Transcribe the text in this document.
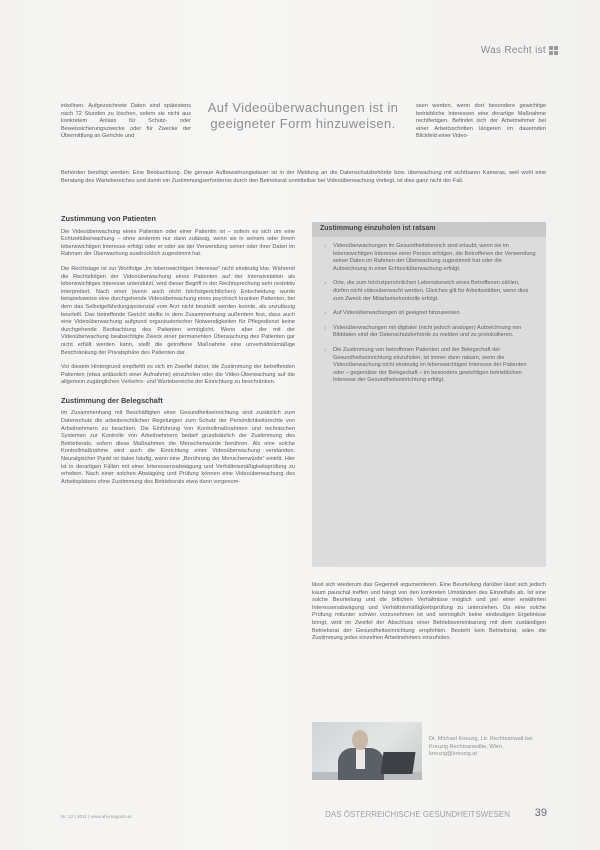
Was Recht ist
inkollnen. Aufgezeichnete Daten sind spätestens nach 72 Stunden zu löschen, sofern sie nicht aus konkretem Anlass für Schutz- oder Beweissicherungszwecke oder für Zwecke der Übermittlung an Gerichte und
Auf Videoüberwachungen ist in geeigneter Form hinzuweisen.
ssen werden, wenn dort besondere gewichtige betriebliche Interessen eine derartige Maßnahme rechtfertigen. Befindet sich der Arbeitnehmer bei einer Arbeitsschritten längeren im dauernden Blickfeld einer Video-
Behörden benötigt werden. Eine Beobachtung. Die genaue Aufbewahrungsdauer ist in der Meldung an die Datenschutzbehörde bzw. überwachung mit sichtbaren Kameras, weil wohl eine Beratung des Wartebereiches und damit ein Zustimmungserfordernis durch den Betriebsrat unmittelbar bei Videoüberwachung vorliegt, ist dies ganz nicht der Fall.
Zustimmung von Patienten

Die Videoüberwachung eines Patienten oder einer Patientin ist – sofern es sich um eine Echtzeitüberwachung – ohne anderem nur dann zulässig, wenn sie in seinem oder ihrem lebenswichtigen Interesse erfolgt oder er oder sie der Verwendung seiner oder ihrer Daten im Rahmen der Überwachung ausdrücklich zugestimmt hat.

Die Rechtslage ist zur Wortfolge „im lebenswichtigen Interesse“ nicht eindeutig klar. Während die Rechtsfolgen der Videoüberwachung eines Patienten auf der Intensivstation als lebenswichtiges Interesse unterstützt, wird dieser Begriff in der Rechtsprechung sehr restriktiv interpretiert. Nach einer (wenn auch nicht höchstgerichtlichen) Entscheidung wurde beispielsweise eine durchgehende Videoüberwachung eines psychisch kranken Patienten, bei dem das Selbstgefährdungspotenzial vom Arzt nicht beurteilt werden konnte, als unzulässig beurteilt. Das betreffende Gericht stellte in dem Zusammenhang außerdem fest, dass auch eine Videoüberwachung aufgrund organisatorischer Notwendigkeiten für Pflegedienst keine durchgehende Beobachtung des Patienten ermöglicht. Wenn aber der mit der Videoüberwachung beabsichtigte Zweck einer permanenten Überwachung des Patienten gar nicht erfüllt werden kann, stellt die getroffene Maßnahme eine unverhältnismäßige Beschränkung der Privatsphäre des Patienten dar.

Vor diesem Hintergrund empfiehlt es sich im Zweifel daher, die Zustimmung der betreffenden Patienten (etwa anlässlich einer Aufnahme) einzuholen oder die Video-Überwachung auf die allgemein zugänglichen Verkehrs- und Wartebereiche der Einrichtung zu beschränken.

Zustimmung der Belegschaft

Im Zusammenhang mit Beschäftigten einer Gesundheitseinrichtung sind zusätzlich zum Datenschutz die arbeitsrechtlichen Regelungen zum Schutz der Persönlichkeitsrechte von Arbeitnehmern zu beachten. Die Einführung von Kontrollmaßnahmen und technischen Systemen zur Kontrolle von Arbeitnehmern bedarf grundsätzlich der Zustimmung des Betriebsrats, sofern diese Maßnahmen die Menschenwürde berühren. Als eine solche Kontrollmaßnahme wird auch die Einrichtung einer Videoüberwachung verstanden. Neuralgischer Punkt ist dabei häufig, wann eine „Berührung der Menschenwürde“ eintritt. Hier ist in derartigen Fällen mit einer Interessensabwägung und Verhältnismäßigkeitsprüfung zu erheben. Nach einer solchen Abwägung und Prüfung können eine Videoüberwachung des Arbeitsplatzes ohne Zustimmung des Betriebsrats etwa dann vorgenom-

Zustimmung einzuholen ist ratsam
› Videoüberwachungen im Gesundheitsbereich sind erlaubt, wenn sie im lebenswichtigen Interesse einer Person erfolgen, die Betroffenen der Verwendung seiner Daten im Rahmen der Überwachung zugestimmt hat oder die Aufzeichnung in einer Echtzeitüberwachung erfolgt.
› Orte, die zum höchstpersönlichen Lebensbereich eines Betroffenen zählen, dürfen nicht videoüberwacht werden. Gleiches gilt für Arbeitsstätten, wenn dies zum Zweck der Mitarbeiterkontrolle erfolgt.
› Auf Videoüberwachungen ist geeignet hinzuweisen.
› Videoüberwachungen mit digitaler (nicht jedoch analoger) Aufzeichnung von Bilddaten sind der Datenschutzbehörde zu melden und zu protokollieren.
› Die Zustimmung von betroffenen Patienten und der Belegschaft der Gesundheitseinrichtung einzuholen, ist immer dann ratsam, wenn die Videoüberwachung nicht eindeutig im lebenswichtigen Interesse der Patienten oder – gegenüber der Belegschaft – im besonders gewichtigen betrieblichen Interesse der Gesundheitseinrichtung erfolgt.
lässt sich wiederum das Gegenteil argumentieren. Eine Beurteilung darüber lässt sich jedoch kaum pauschal treffen und hängt von den konkreten Umständen des Einzelfalls ab. Ist eine solche Beurteilung und die örtlichen Verhältnisse möglich und per einer erwähnten Interessenabwägung und Verhältnismäßigkeitsprüfung zu unterziehen. Da eine solche Prüfung mitunter schwer vorzunehmen ist und womöglich keine eindeutigen Ergebnisse bringt, wird im Zweifel der Abschluss einer Betriebsvereinbarung mit dem zuständigen Betriebsrat der Gesundheitseinrichtung empfohlen. Besteht kein Betriebsrat, wäre die Zustimmung jedes einzelnen Arbeitnehmers einzuholen.
Dr. Michael Kreuzig, Ltr. Rechtsanwalt bei Kreuzig Rechtsanwälte, Wien, kreuzig@kreuzig.at
Nr. 12 | 2011 | www.ahi-magazin.at	DAS ÖSTERREICHISCHE GESUNDHEITSWESEN 39
